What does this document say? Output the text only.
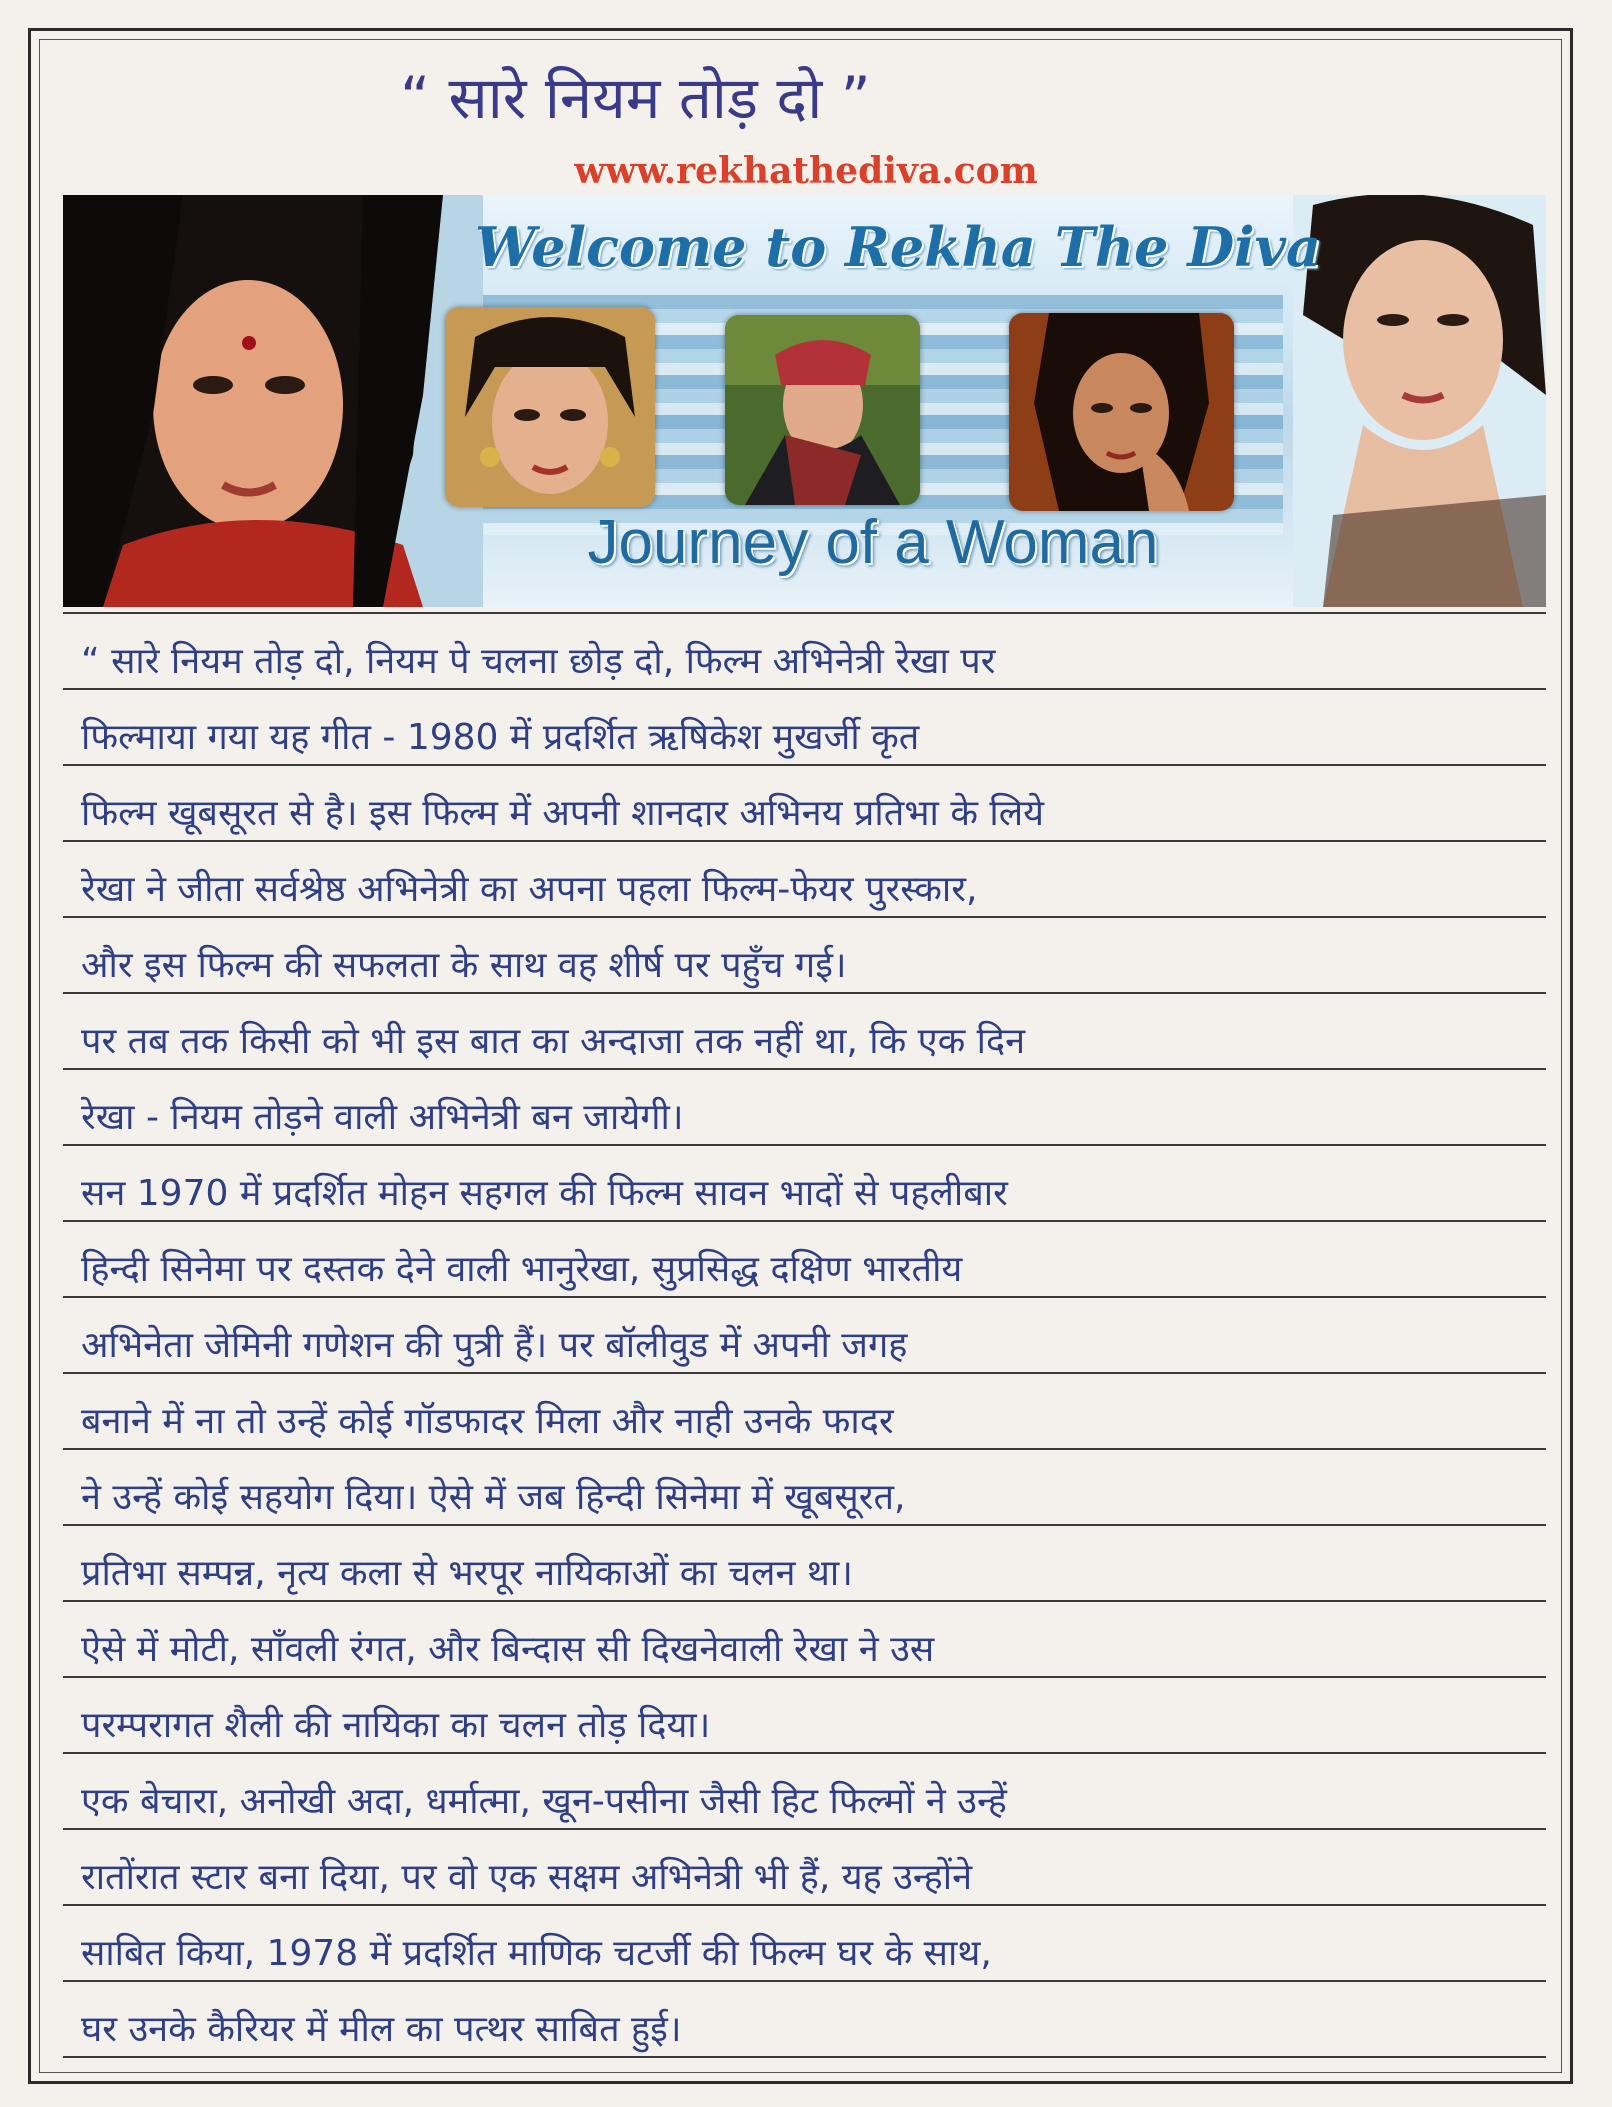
“ सारे नियम तोड़ दो ”
www.rekhathediva.com
Welcome to Rekha The Diva
Journey of a Woman
“ सारे नियम तोड़ दो, नियम पे चलना छोड़ दो, फिल्म अभिनेत्री रेखा पर
फिल्माया गया यह गीत - 1980 में प्रदर्शित ऋषिकेश मुखर्जी कृत
फिल्म खूबसूरत से है। इस फिल्म में अपनी शानदार अभिनय प्रतिभा के लिये
रेखा ने जीता सर्वश्रेष्ठ अभिनेत्री का अपना पहला फिल्म-फेयर पुरस्कार,
और इस फिल्म की सफलता के साथ वह शीर्ष पर पहुँच गई।
पर तब तक किसी को भी इस बात का अन्दाजा तक नहीं था, कि एक दिन
रेखा - नियम तोड़ने वाली अभिनेत्री बन जायेगी।
सन 1970 में प्रदर्शित मोहन सहगल की फिल्म सावन भादों से पहलीबार
हिन्दी सिनेमा पर दस्तक देने वाली भानुरेखा, सुप्रसिद्ध दक्षिण भारतीय
अभिनेता जेमिनी गणेशन की पुत्री हैं। पर बॉलीवुड में अपनी जगह
बनाने में ना तो उन्हें कोई गॉडफादर मिला और नाही उनके फादर
ने उन्हें कोई सहयोग दिया। ऐसे में जब हिन्दी सिनेमा में खूबसूरत,
प्रतिभा सम्पन्न, नृत्य कला से भरपूर नायिकाओं का चलन था।
ऐसे में मोटी, साँवली रंगत, और बिन्दास सी दिखनेवाली रेखा ने उस
परम्परागत शैली की नायिका का चलन तोड़ दिया।
एक बेचारा, अनोखी अदा, धर्मात्मा, खून-पसीना जैसी हिट फिल्मों ने उन्हें
रातोंरात स्टार बना दिया, पर वो एक सक्षम अभिनेत्री भी हैं, यह उन्होंने
साबित किया, 1978 में प्रदर्शित माणिक चटर्जी की फिल्म घर के साथ,
घर उनके कैरियर में मील का पत्थर साबित हुई।
